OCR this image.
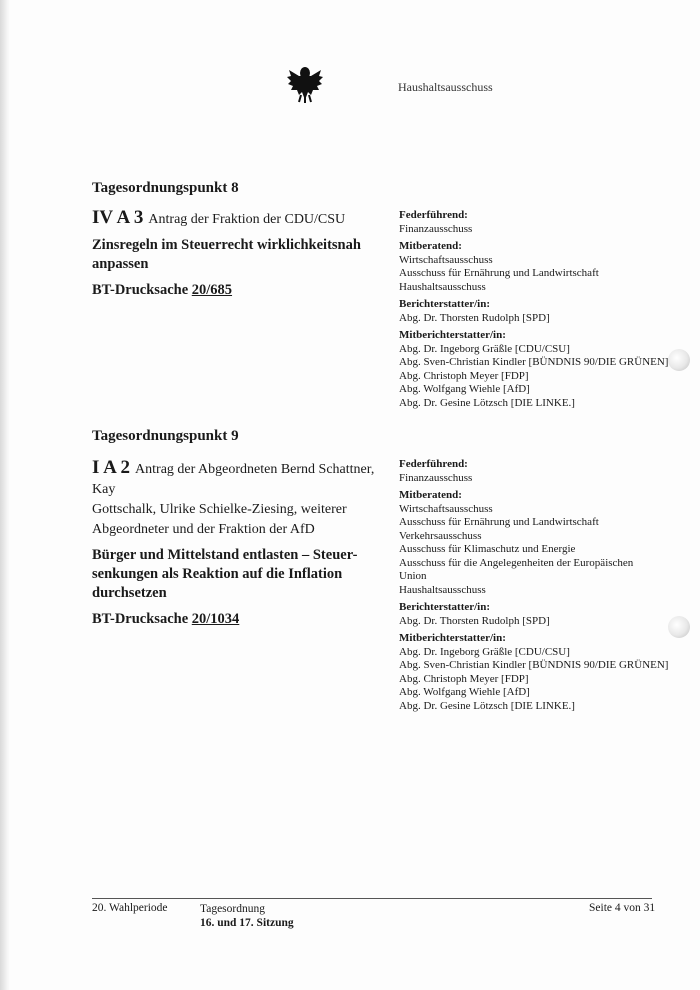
Haushaltsausschuss
Tagesordnungspunkt 8
IV A 3 Antrag der Fraktion der CDU/CSU
Zinsregeln im Steuerrecht wirklichkeitsnah
anpassen
BT-Drucksache 20/685
Federführend:
Finanzausschuss
Mitberatend:
Wirtschaftsausschuss
Ausschuss für Ernährung und Landwirtschaft
Haushaltsausschuss
Berichterstatter/in:
Abg. Dr. Thorsten Rudolph [SPD]
Mitberichterstatter/in:
Abg. Dr. Ingeborg Gräßle [CDU/CSU]
Abg. Sven-Christian Kindler [BÜNDNIS 90/DIE GRÜNEN]
Abg. Christoph Meyer [FDP]
Abg. Wolfgang Wiehle [AfD]
Abg. Dr. Gesine Lötzsch [DIE LINKE.]
Tagesordnungspunkt 9
I A 2 Antrag der Abgeordneten Bernd Schattner, Kay
Gottschalk, Ulrike Schielke-Ziesing, weiterer
Abgeordneter und der Fraktion der AfD
Bürger und Mittelstand entlasten – Steuer-
senkungen als Reaktion auf die Inflation
durchsetzen
BT-Drucksache 20/1034
Federführend:
Finanzausschuss
Mitberatend:
Wirtschaftsausschuss
Ausschuss für Ernährung und Landwirtschaft
Verkehrsausschuss
Ausschuss für Klimaschutz und Energie
Ausschuss für die Angelegenheiten der Europäischen
Union
Haushaltsausschuss
Berichterstatter/in:
Abg. Dr. Thorsten Rudolph [SPD]
Mitberichterstatter/in:
Abg. Dr. Ingeborg Gräßle [CDU/CSU]
Abg. Sven-Christian Kindler [BÜNDNIS 90/DIE GRÜNEN]
Abg. Christoph Meyer [FDP]
Abg. Wolfgang Wiehle [AfD]
Abg. Dr. Gesine Lötzsch [DIE LINKE.]
20. Wahlperiode	Tagesordnung
16. und 17. Sitzung
Seite 4 von 31
